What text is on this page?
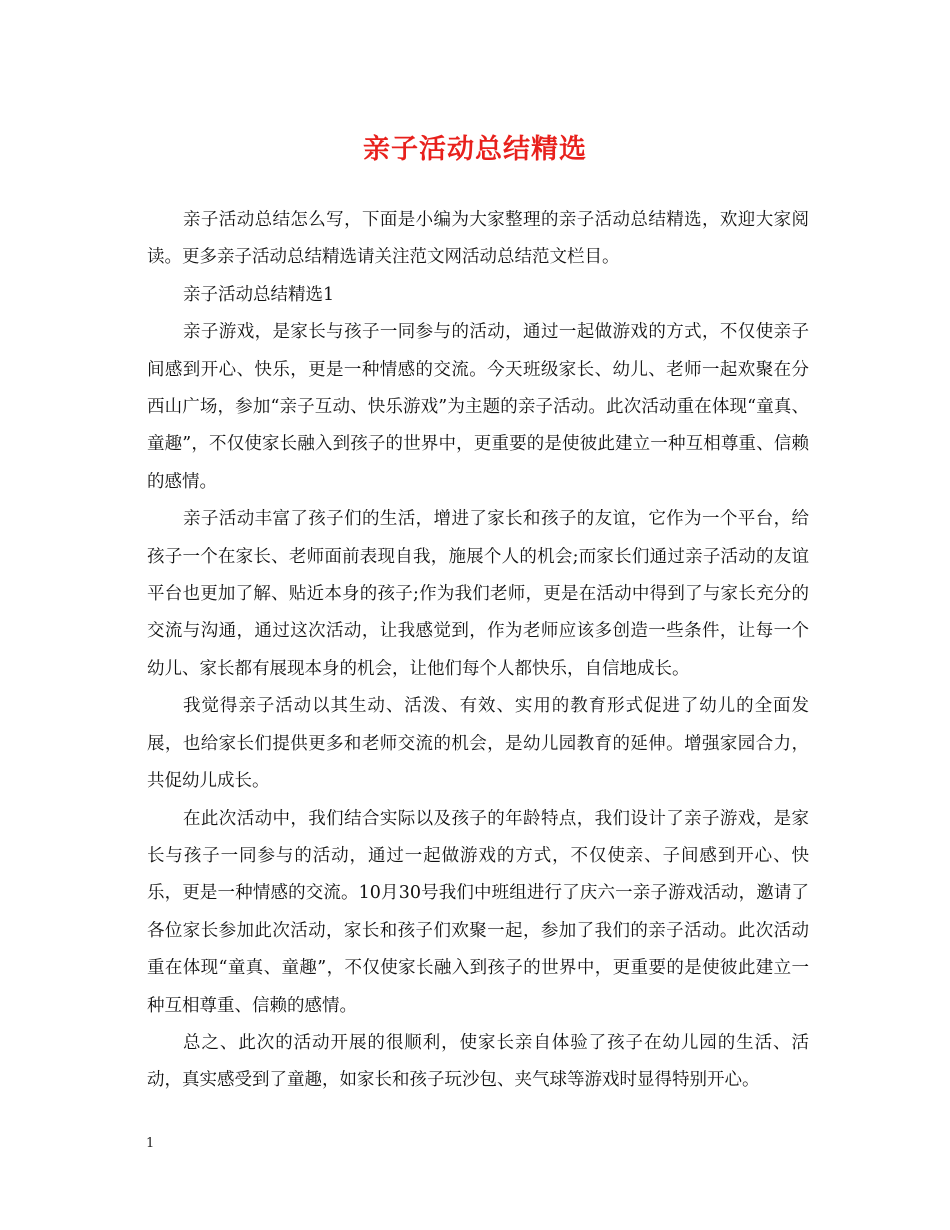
亲子活动总结精选

亲子活动总结怎么写，下面是小编为大家整理的亲子活动总结精选，欢迎大家阅读。更多亲子活动总结精选请关注范文网活动总结范文栏目。

亲子活动总结精选1

亲子游戏，是家长与孩子一同参与的活动，通过一起做游戏的方式，不仅使亲子间感到开心、快乐，更是一种情感的交流。今天班级家长、幼儿、老师一起欢聚在分西山广场，参加“亲子互动、快乐游戏”为主题的亲子活动。此次活动重在体现“童真、童趣”，不仅使家长融入到孩子的世界中，更重要的是使彼此建立一种互相尊重、信赖的感情。

亲子活动丰富了孩子们的生活，增进了家长和孩子的友谊，它作为一个平台，给孩子一个在家长、老师面前表现自我，施展个人的机会;而家长们通过亲子活动的友谊平台也更加了解、贴近本身的孩子;作为我们老师，更是在活动中得到了与家长充分的交流与沟通，通过这次活动，让我感觉到，作为老师应该多创造一些条件，让每一个幼儿、家长都有展现本身的机会，让他们每个人都快乐，自信地成长。

我觉得亲子活动以其生动、活泼、有效、实用的教育形式促进了幼儿的全面发展，也给家长们提供更多和老师交流的机会，是幼儿园教育的延伸。增强家园合力，共促幼儿成长。

在此次活动中，我们结合实际以及孩子的年龄特点，我们设计了亲子游戏，是家长与孩子一同参与的活动，通过一起做游戏的方式，不仅使亲、子间感到开心、快乐，更是一种情感的交流。10月30号我们中班组进行了庆六一亲子游戏活动，邀请了各位家长参加此次活动，家长和孩子们欢聚一起，参加了我们的亲子活动。此次活动重在体现“童真、童趣”，不仅使家长融入到孩子的世界中，更重要的是使彼此建立一种互相尊重、信赖的感情。

总之、此次的活动开展的很顺利，使家长亲自体验了孩子在幼儿园的生活、活动，真实感受到了童趣，如家长和孩子玩沙包、夹气球等游戏时显得特别开心。

1
